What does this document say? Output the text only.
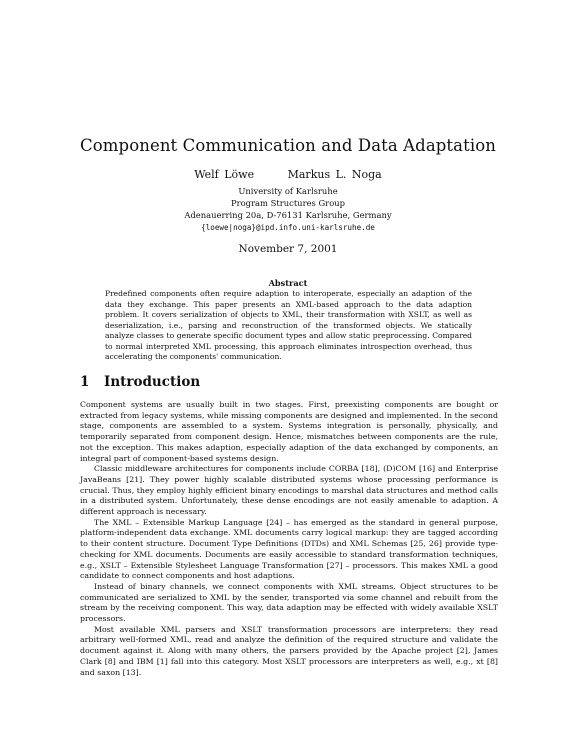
Component Communication and Data Adaptation
Welf Löwe	Markus L. Noga
University of Karlsruhe
Program Structures Group
Adenauerring 20a, D-76131 Karlsruhe, Germany
{loewe|noga}@ipd.info.uni-karlsruhe.de
November 7, 2001
Abstract
Predefined components often require adaption to interoperate, especially an adaption of the data they exchange. This paper presents an XML-based approach to the data adaption problem. It covers serialization of objects to XML, their transformation with XSLT, as well as deserialization, i.e., parsing and reconstruction of the transformed objects. We statically analyze classes to generate specific document types and allow static preprocessing. Compared to normal interpreted XML processing, this approach eliminates introspection overhead, thus accelerating the components' communication.
1 Introduction

Component systems are usually built in two stages. First, preexisting components are bought or extracted from legacy systems, while missing components are designed and implemented. In the second stage, components are assembled to a system. Systems integration is personally, physically, and temporarily separated from component design. Hence, mismatches between components are the rule, not the exception. This makes adaption, especially adaption of the data exchanged by components, an integral part of component-based systems design.

Classic middleware architectures for components include CORBA [18], (D)COM [16] and Enterprise JavaBeans [21]. They power highly scalable distributed systems whose processing performance is crucial. Thus, they employ highly efficient binary encodings to marshal data structures and method calls in a distributed system. Unfortunately, these dense encodings are not easily amenable to adaption. A different approach is necessary.

The XML – Extensible Markup Language [24] – has emerged as the standard in general purpose, platform-independent data exchange. XML documents carry logical markup: they are tagged according to their content structure. Document Type Definitions (DTDs) and XML Schemas [25, 26] provide type-checking for XML documents. Documents are easily accessible to standard transformation techniques, e.g., XSLT – Extensible Stylesheet Language Transformation [27] – processors. This makes XML a good candidate to connect components and host adaptions.

Instead of binary channels, we connect components with XML streams. Object structures to be communicated are serialized to XML by the sender, transported via some channel and rebuilt from the stream by the receiving component. This way, data adaption may be effected with widely available XSLT processors.

Most available XML parsers and XSLT transformation processors are interpreters: they read arbitrary well-formed XML, read and analyze the definition of the required structure and validate the document against it. Along with many others, the parsers provided by the Apache project [2], James Clark [8] and IBM [1] fall into this category. Most XSLT processors are interpreters as well, e.g., xt [8] and saxon [13].
